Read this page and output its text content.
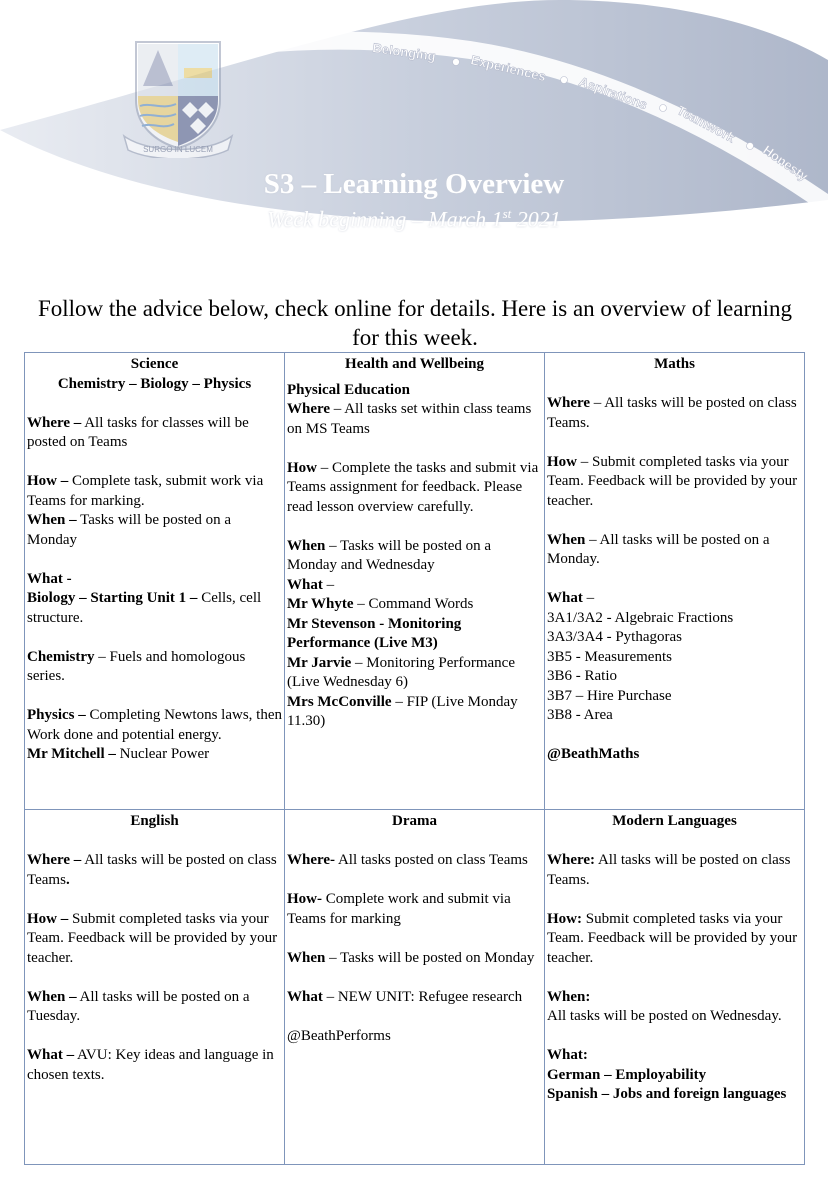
Belonging
Experiences
Aspirations
Teamwork
Honesty
SURGO IN LUCEM
S3 – Learning Overview
Week beginning – March 1st 2021
Follow the advice below, check online for details. Here is an overview of learning for this week.
Science
Chemistry – Biology – Physics

Where – All tasks for classes will be posted on Teams

How – Complete task, submit work via Teams for marking.

When – Tasks will be posted on a Monday

What -

Biology – Starting Unit 1 – Cells, cell structure.

Chemistry – Fuels and homologous series.

Physics – Completing Newtons laws, then Work done and potential energy.

Mr Mitchell – Nuclear Power

Health and Wellbeing

Physical Education

Where – All tasks set within class teams on MS Teams

How – Complete the tasks and submit via Teams assignment for feedback. Please read lesson overview carefully.

When – Tasks will be posted on a Monday and Wednesday

What –

Mr Whyte – Command Words

Mr Stevenson - Monitoring Performance (Live M3)

Mr Jarvie – Monitoring Performance (Live Wednesday 6)

Mrs McConville – FIP (Live Monday 11.30)

Maths

Where – All tasks will be posted on class Teams.

How – Submit completed tasks via your Team. Feedback will be provided by your teacher.

When – All tasks will be posted on a Monday.

What –

3A1/3A2 - Algebraic Fractions

3A3/3A4 - Pythagoras

3B5 - Measurements

3B6 - Ratio

3B7 – Hire Purchase

3B8 - Area

@BeathMaths

English

Where – All tasks will be posted on class Teams.

How – Submit completed tasks via your Team. Feedback will be provided by your teacher.

When – All tasks will be posted on a Tuesday.

What – AVU: Key ideas and language in chosen texts.

Drama

Where- All tasks posted on class Teams

How- Complete work and submit via Teams for marking

When – Tasks will be posted on Monday

What – NEW UNIT: Refugee research

@BeathPerforms

Modern Languages

Where: All tasks will be posted on class Teams.

How: Submit completed tasks via your Team. Feedback will be provided by your teacher.

When:

All tasks will be posted on Wednesday.

What:

German – Employability

Spanish – Jobs and foreign languages
